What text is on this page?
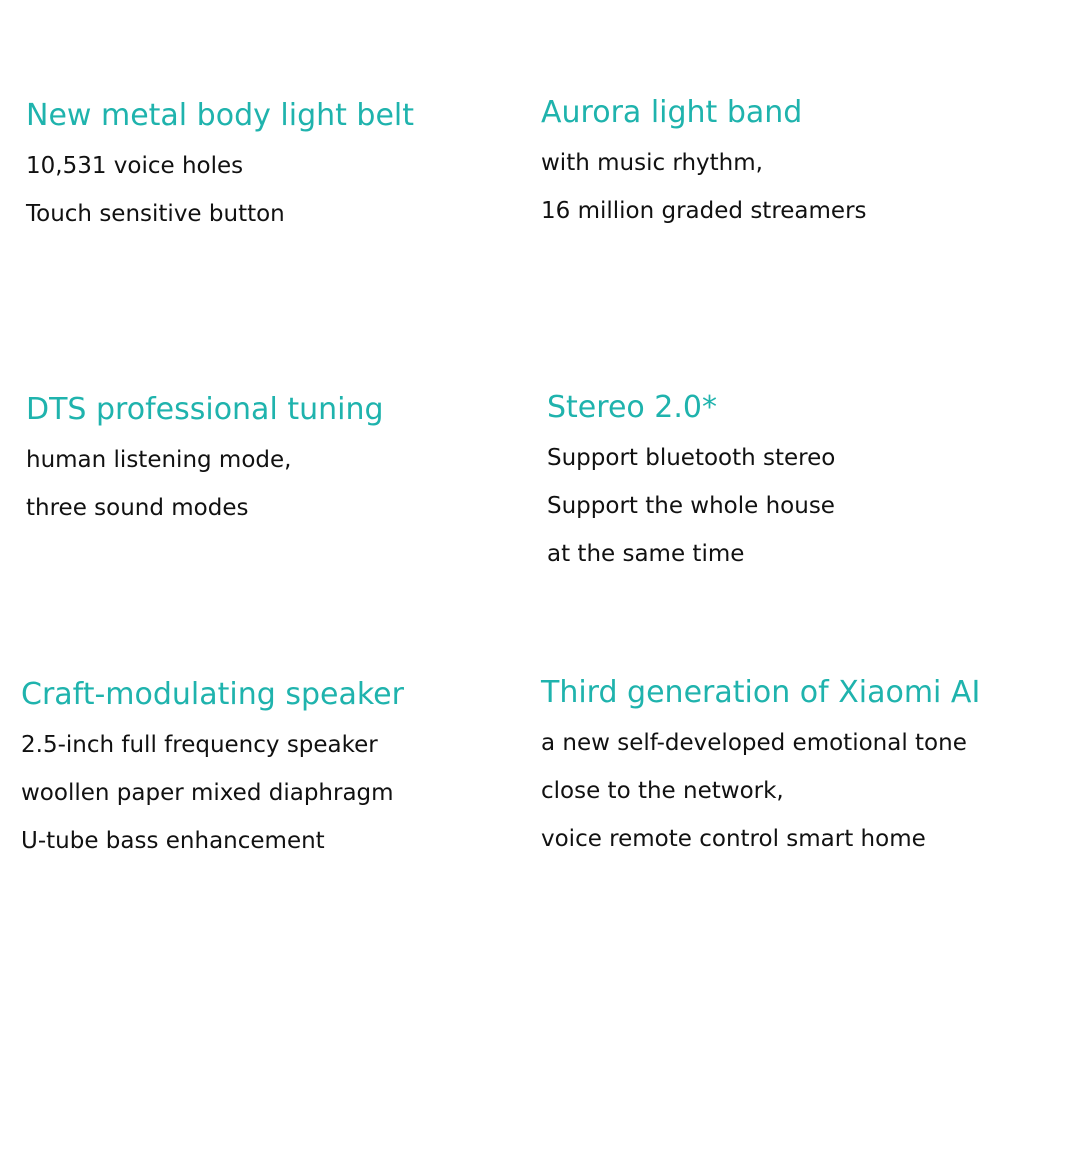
New metal body light belt
10,531 voice holes
Touch sensitive button
Aurora light band
with music rhythm,
16 million graded streamers
DTS professional tuning
human listening mode,
three sound modes
Stereo 2.0*
Support bluetooth stereo
Support the whole house
at the same time
Craft-modulating speaker
2.5-inch full frequency speaker
woollen paper mixed diaphragm
U-tube bass enhancement
Third generation of Xiaomi AI
a new self-developed emotional tone
close to the network,
voice remote control smart home
